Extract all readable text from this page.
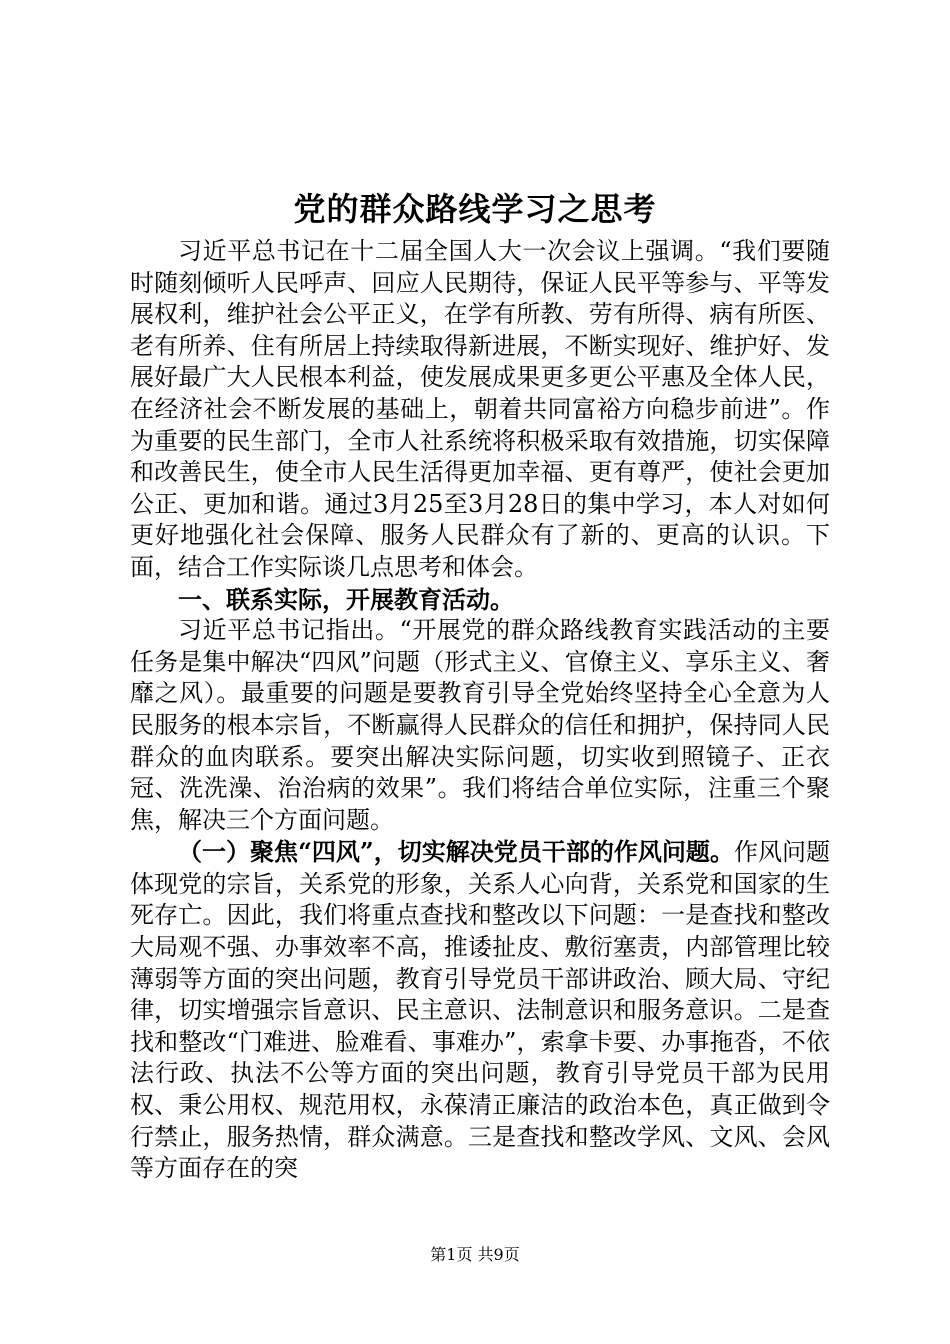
党的群众路线学习之思考

习近平总书记在十二届全国人大一次会议上强调。“我们要随时随刻倾听人民呼声、回应人民期待，保证人民平等参与、平等发展权利，维护社会公平正义，在学有所教、劳有所得、病有所医、老有所养、住有所居上持续取得新进展，不断实现好、维护好、发展好最广大人民根本利益，使发展成果更多更公平惠及全体人民，在经济社会不断发展的基础上，朝着共同富裕方向稳步前进”。作为重要的民生部门，全市人社系统将积极采取有效措施，切实保障和改善民生，使全市人民生活得更加幸福、更有尊严，使社会更加公正、更加和谐。通过3月25至3月28日的集中学习，本人对如何更好地强化社会保障、服务人民群众有了新的、更高的认识。下面，结合工作实际谈几点思考和体会。

一、联系实际，开展教育活动。

习近平总书记指出。“开展党的群众路线教育实践活动的主要任务是集中解决“四风”问题（形式主义、官僚主义、享乐主义、奢靡之风）。最重要的问题是要教育引导全党始终坚持全心全意为人民服务的根本宗旨，不断赢得人民群众的信任和拥护，保持同人民群众的血肉联系。要突出解决实际问题，切实收到照镜子、正衣冠、洗洗澡、治治病的效果”。我们将结合单位实际，注重三个聚焦，解决三个方面问题。

（一）聚焦“四风”，切实解决党员干部的作风问题。作风问题体现党的宗旨，关系党的形象，关系人心向背，关系党和国家的生死存亡。因此，我们将重点查找和整改以下问题：一是查找和整改大局观不强、办事效率不高，推诿扯皮、敷衍塞责，内部管理比较薄弱等方面的突出问题，教育引导党员干部讲政治、顾大局、守纪律，切实增强宗旨意识、民主意识、法制意识和服务意识。二是查找和整改“门难进、脸难看、事难办”，索拿卡要、办事拖沓，不依法行政、执法不公等方面的突出问题，教育引导党员干部为民用权、秉公用权、规范用权，永葆清正廉洁的政治本色，真正做到令行禁止，服务热情，群众满意。三是查找和整改学风、文风、会风等方面存在的突

第1页 共9页
